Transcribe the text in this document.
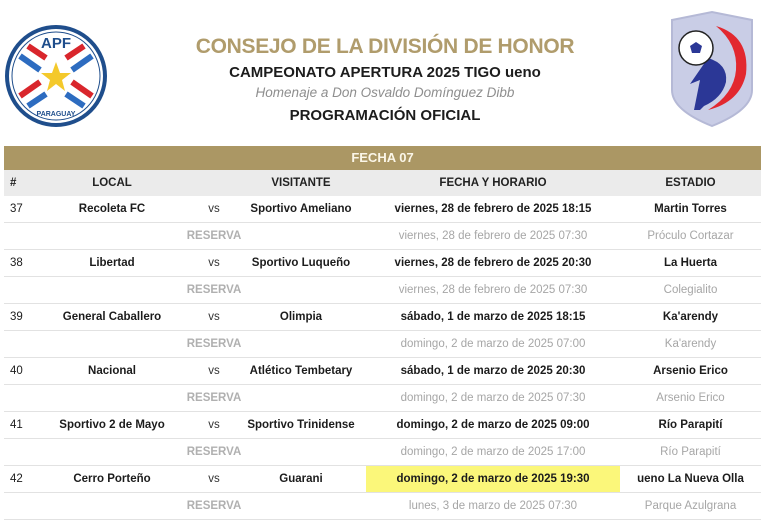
APF
PARAGUAY
CONSEJO DE LA DIVISIÓN DE HONOR
CAMPEONATO APERTURA 2025 TIGO ueno
Homenaje a Don Osvaldo Domínguez Dibb
PROGRAMACIÓN OFICIAL
FECHA 07
#	LOCAL	VISITANTE	FECHA Y HORARIO	ESTADIO
37	Recoleta FC	vs	Sportivo Ameliano	viernes, 28 de febrero de 2025 18:15	Martin Torres
RESERVA	viernes, 28 de febrero de 2025 07:30	Próculo Cortazar
38	Libertad	vs	Sportivo Luqueño	viernes, 28 de febrero de 2025 20:30	La Huerta
RESERVA	viernes, 28 de febrero de 2025 07:30	Colegialito
39	General Caballero	vs	Olimpia	sábado, 1 de marzo de 2025 18:15	Ka'arendy
RESERVA	domingo, 2 de marzo de 2025 07:00	Ka'arendy
40	Nacional	vs	Atlético Tembetary	sábado, 1 de marzo de 2025 20:30	Arsenio Erico
RESERVA	domingo, 2 de marzo de 2025 07:30	Arsenio Erico
41	Sportivo 2 de Mayo	vs	Sportivo Trinidense	domingo, 2 de marzo de 2025 09:00	Río Parapití
RESERVA	domingo, 2 de marzo de 2025 17:00	Río Parapití
42	Cerro Porteño	vs	Guarani	domingo, 2 de marzo de 2025 19:30	ueno La Nueva Olla
RESERVA	lunes, 3 de marzo de 2025 07:30	Parque Azulgrana
